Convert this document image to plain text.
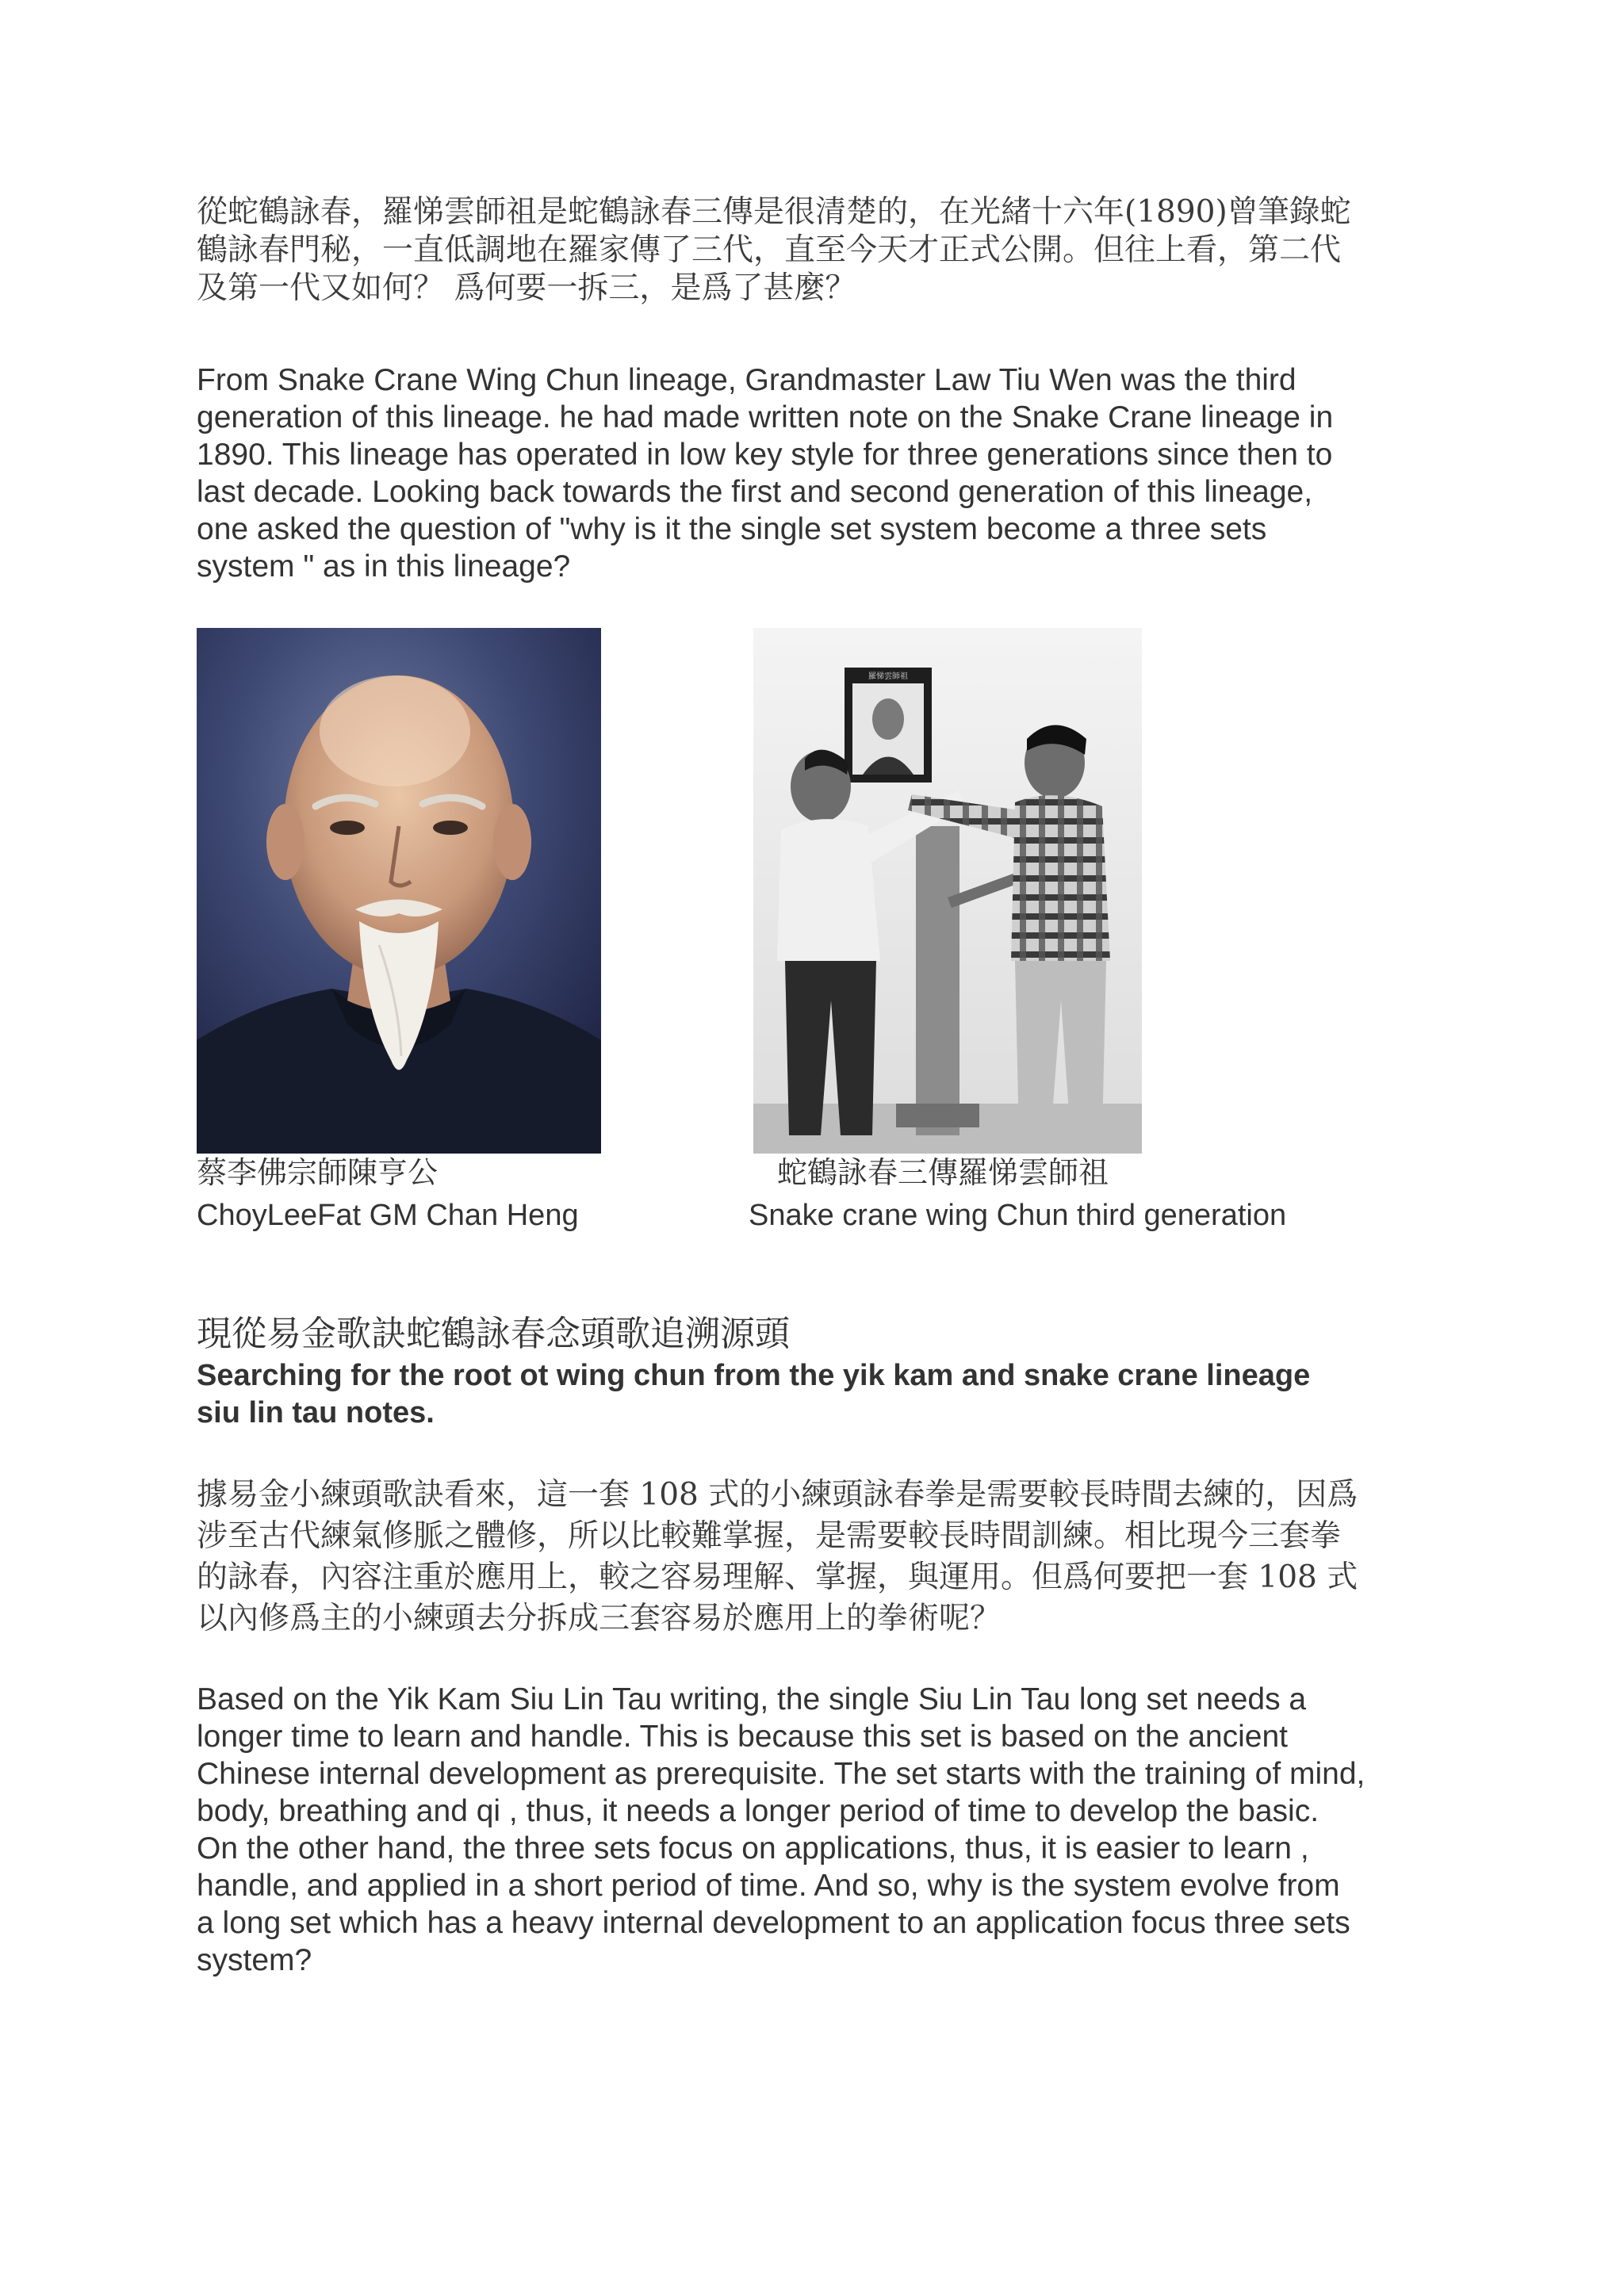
從蛇鶴詠春，羅悌雲師祖是蛇鶴詠春三傳是很清楚的，在光緒十六年(1890)曾筆錄蛇

鶴詠春門秘，一直低調地在羅家傳了三代，直至今天才正式公開。但往上看，第二代

及第一代又如何？ 爲何要一拆三，是爲了甚麼？

From Snake Crane Wing Chun lineage, Grandmaster Law Tiu Wen was the third

generation of this lineage. he had made written note on the Snake Crane lineage in

1890. This lineage has operated in low key style for three generations since then to

last decade. Looking back towards the first and second generation of this lineage,

one asked the question of "why is it the single set system become a three sets

system " as in this lineage?

羅悌雲師祖
蔡李佛宗師陳亨公
ChoyLeeFat GM Chan Heng
蛇鶴詠春三傳羅悌雲師祖
Snake crane wing Chun third generation
現從易金歌訣蛇鶴詠春念頭歌追溯源頭
Searching for the root ot wing chun from the yik kam and snake crane lineage
siu lin tau notes.

據易金小練頭歌訣看來，這一套 108 式的小練頭詠春拳是需要較長時間去練的，因爲

涉至古代練氣修脈之體修，所以比較難掌握，是需要較長時間訓練。相比現今三套拳

的詠春，內容注重於應用上，較之容易理解、掌握，與運用。但爲何要把一套 108 式

以內修爲主的小練頭去分拆成三套容易於應用上的拳術呢？

Based on the Yik Kam Siu Lin Tau writing, the single Siu Lin Tau long set needs a

longer time to learn and handle. This is because this set is based on the ancient

Chinese internal development as prerequisite. The set starts with the training of mind,

body, breathing and qi , thus, it needs a longer period of time to develop the basic.

On the other hand, the three sets focus on applications, thus, it is easier to learn ,

handle, and applied in a short period of time. And so, why is the system evolve from

a long set which has a heavy internal development to an application focus three sets

system?
